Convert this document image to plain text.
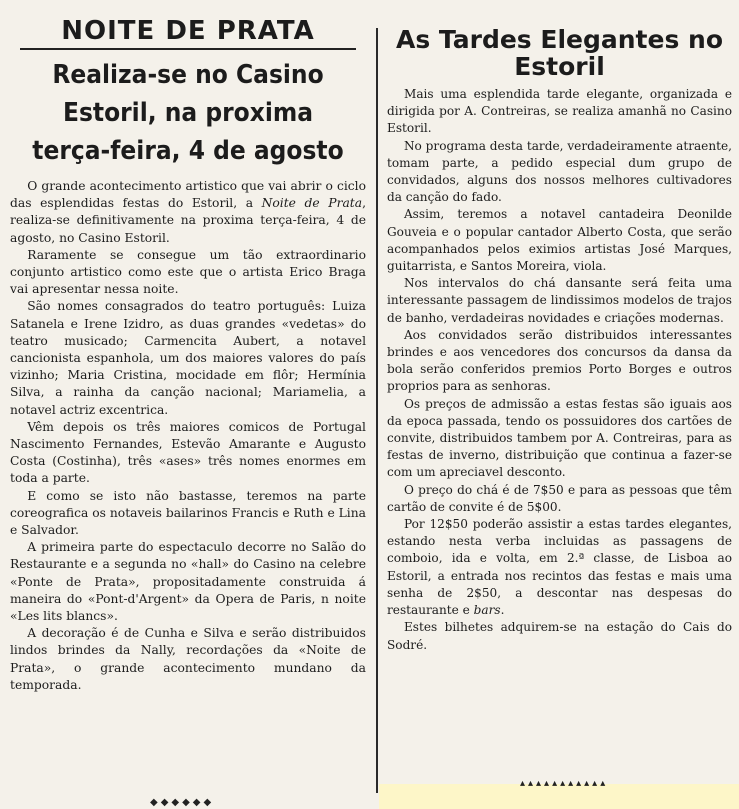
NOITE DE PRATA
Realiza-se no Casino Estoril, na proxima terça-feira, 4 de agosto

O grande acontecimento artistico que vai abrir o ciclo das esplendidas festas do Estoril, a Noite de Prata, realiza-se definitivamente na proxima terça-feira, 4 de agosto, no Casino Estoril.

Raramente se consegue um tão extraordinario conjunto artistico como este que o artista Erico Braga vai apresentar nessa noite.

São nomes consagrados do teatro português: Luiza Satanela e Irene Izidro, as duas grandes «vedetas» do teatro musicado; Carmencita Aubert, a notavel cancionista espanhola, um dos maiores valores do país vizinho; Maria Cristina, mocidade em flôr; Hermínia Silva, a rainha da canção nacional; Mariamelia, a notavel actriz excentrica.

Vêm depois os três maiores comicos de Portugal Nascimento Fernandes, Estevão Amarante e Augusto Costa (Costinha), três «ases» três nomes enormes em toda a parte.

E como se isto não bastasse, teremos na parte coreografica os notaveis bailarinos Francis e Ruth e Lina e Salvador.

A primeira parte do espectaculo decorre no Salão do Restaurante e a segunda no «hall» do Casino na celebre «Ponte de Prata», propositadamente construida á maneira do «Pont-d'Argent» da Opera de Paris, n noite «Les lits blancs».

A decoração é de Cunha e Silva e serão distribuidos lindos brindes da Nally, recordações da «Noite de Prata», o grande acontecimento mundano da temporada.

As Tardes Elegantes no Estoril

Mais uma esplendida tarde elegante, organizada e dirigida por A. Contreiras, se realiza amanhã no Casino Estoril.

No programa desta tarde, verdadeiramente atraente, tomam parte, a pedido especial dum grupo de convidados, alguns dos nossos melhores cultivadores da canção do fado.

Assim, teremos a notavel cantadeira Deonilde Gouveia e o popular cantador Alberto Costa, que serão acompanhados pelos eximios artistas José Marques, guitarrista, e Santos Moreira, viola.

Nos intervalos do chá dansante será feita uma interessante passagem de lindissimos modelos de trajos de banho, verdadeiras novidades e criações modernas.

Aos convidados serão distribuidos interessantes brindes e aos vencedores dos concursos da dansa da bola serão conferidos premios Porto Borges e outros proprios para as senhoras.

Os preços de admissão a estas festas são iguais aos da epoca passada, tendo os possuidores dos cartões de convite, distribuidos tambem por A. Contreiras, para as festas de inverno, distribuição que continua a fazer-se com um apreciavel desconto.

O preço do chá é de 7$50 e para as pessoas que têm cartão de convite é de 5$00.

Por 12$50 poderão assistir a estas tardes elegantes, estando nesta verba incluidas as passagens de comboio, ida e volta, em 2.ª classe, de Lisboa ao Estoril, a entrada nos recintos das festas e mais uma senha de 2$50, a descontar nas despesas do restaurante e bars.

Estes bilhetes adquirem-se na estação do Cais do Sodré.

◆◆◆◆◆◆
▴▴▴▴▴▴▴▴▴▴▴
